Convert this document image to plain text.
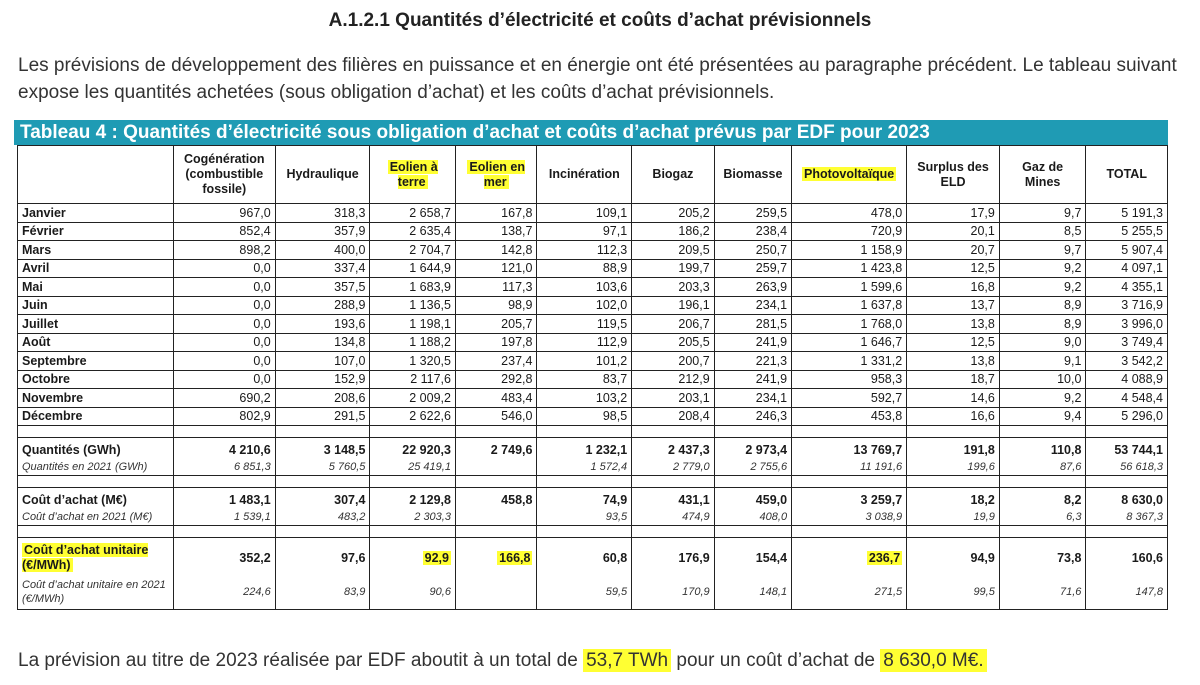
A.1.2.1 Quantités d’électricité et coûts d’achat prévisionnels
Les prévisions de développement des filières en puissance et en énergie ont été présentées au paragraphe précédent. Le tableau suivant expose les quantités achetées (sous obligation d’achat) et les coûts d’achat prévisionnels.
Tableau 4 : Quantités d’électricité sous obligation d’achat et coûts d’achat prévus par EDF pour 2023
	Cogénération (combustible fossile)	Hydraulique	Eolien à terre	Eolien en mer	Incinération	Biogaz	Biomasse	Photovoltaïque	Surplus des ELD	Gaz de Mines	TOTAL
Janvier	967,0	318,3	2 658,7	167,8	109,1	205,2	259,5	478,0	17,9	9,7	5 191,3
Février	852,4	357,9	2 635,4	138,7	97,1	186,2	238,4	720,9	20,1	8,5	5 255,5
Mars	898,2	400,0	2 704,7	142,8	112,3	209,5	250,7	1 158,9	20,7	9,7	5 907,4
Avril	0,0	337,4	1 644,9	121,0	88,9	199,7	259,7	1 423,8	12,5	9,2	4 097,1
Mai	0,0	357,5	1 683,9	117,3	103,6	203,3	263,9	1 599,6	16,8	9,2	4 355,1
Juin	0,0	288,9	1 136,5	98,9	102,0	196,1	234,1	1 637,8	13,7	8,9	3 716,9
Juillet	0,0	193,6	1 198,1	205,7	119,5	206,7	281,5	1 768,0	13,8	8,9	3 996,0
Août	0,0	134,8	1 188,2	197,8	112,9	205,5	241,9	1 646,7	12,5	9,0	3 749,4
Septembre	0,0	107,0	1 320,5	237,4	101,2	200,7	221,3	1 331,2	13,8	9,1	3 542,2
Octobre	0,0	152,9	2 117,6	292,8	83,7	212,9	241,9	958,3	18,7	10,0	4 088,9
Novembre	690,2	208,6	2 009,2	483,4	103,2	203,1	234,1	592,7	14,6	9,2	4 548,4
Décembre	802,9	291,5	2 622,6	546,0	98,5	208,4	246,3	453,8	16,6	9,4	5 296,0

Quantités (GWh)	4 210,6	3 148,5	22 920,3	2 749,6	1 232,1	2 437,3	2 973,4	13 769,7	191,8	110,8	53 744,1
Quantités en 2021 (GWh)	6 851,3	5 760,5	25 419,1		1 572,4	2 779,0	2 755,6	11 191,6	199,6	87,6	56 618,3

Coût d’achat (M€)	1 483,1	307,4	2 129,8	458,8	74,9	431,1	459,0	3 259,7	18,2	8,2	8 630,0
Coût d’achat en 2021 (M€)	1 539,1	483,2	2 303,3		93,5	474,9	408,0	3 038,9	19,9	6,3	8 367,3

Coût d’achat unitaire (€/MWh)	352,2	97,6	92,9	166,8	60,8	176,9	154,4	236,7	94,9	73,8	160,6
Coût d’achat unitaire en 2021 (€/MWh)	224,6	83,9	90,6		59,5	170,9	148,1	271,5	99,5	71,6	147,8
La prévision au titre de 2023 réalisée par EDF aboutit à un total de 53,7 TWh pour un coût d’achat de 8 630,0 M€.
